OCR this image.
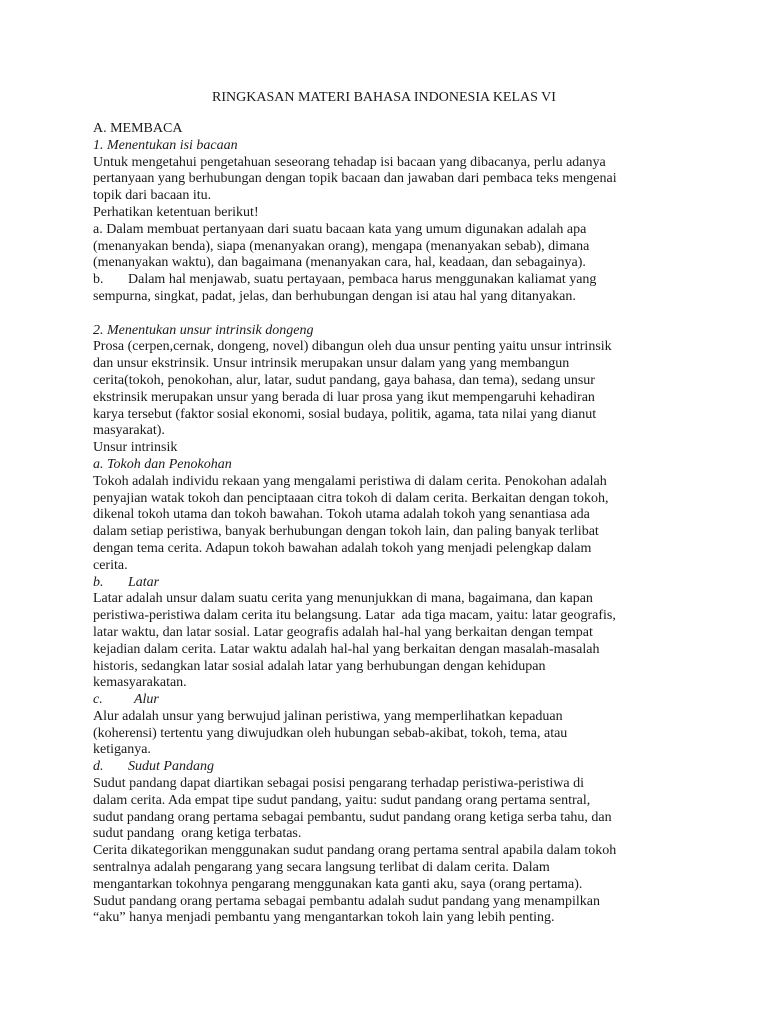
RINGKASAN MATERI BAHASA INDONESIA KELAS VI
A. MEMBACA
1. Menentukan isi bacaan
Untuk mengetahui pengetahuan seseorang tehadap isi bacaan yang dibacanya, perlu adanya
pertanyaan yang berhubungan dengan topik bacaan dan jawaban dari pembaca teks mengenai
topik dari bacaan itu.
Perhatikan ketentuan berikut!
a. Dalam membuat pertanyaan dari suatu bacaan kata yang umum digunakan adalah apa
(menanyakan benda), siapa (menanyakan orang), mengapa (menanyakan sebab), dimana
(menanyakan waktu), dan bagaimana (menanyakan cara, hal, keadaan, dan sebagainya).
b.       Dalam hal menjawab, suatu pertayaan, pembaca harus menggunakan kaliamat yang
sempurna, singkat, padat, jelas, dan berhubungan dengan isi atau hal yang ditanyakan.
2. Menentukan unsur intrinsik dongeng
Prosa (cerpen,cernak, dongeng, novel) dibangun oleh dua unsur penting yaitu unsur intrinsik
dan unsur ekstrinsik. Unsur intrinsik merupakan unsur dalam yang yang membangun
cerita(tokoh, penokohan, alur, latar, sudut pandang, gaya bahasa, dan tema), sedang unsur
ekstrinsik merupakan unsur yang berada di luar prosa yang ikut mempengaruhi kehadiran
karya tersebut (faktor sosial ekonomi, sosial budaya, politik, agama, tata nilai yang dianut
masyarakat).
Unsur intrinsik
a. Tokoh dan Penokohan
Tokoh adalah individu rekaan yang mengalami peristiwa di dalam cerita. Penokohan adalah
penyajian watak tokoh dan penciptaaan citra tokoh di dalam cerita. Berkaitan dengan tokoh,
dikenal tokoh utama dan tokoh bawahan. Tokoh utama adalah tokoh yang senantiasa ada
dalam setiap peristiwa, banyak berhubungan dengan tokoh lain, dan paling banyak terlibat
dengan tema cerita. Adapun tokoh bawahan adalah tokoh yang menjadi pelengkap dalam
cerita.
b.       Latar
Latar adalah unsur dalam suatu cerita yang menunjukkan di mana, bagaimana, dan kapan
peristiwa-peristiwa dalam cerita itu belangsung. Latar  ada tiga macam, yaitu: latar geografis,
latar waktu, dan latar sosial. Latar geografis adalah hal-hal yang berkaitan dengan tempat
kejadian dalam cerita. Latar waktu adalah hal-hal yang berkaitan dengan masalah-masalah
historis, sedangkan latar sosial adalah latar yang berhubungan dengan kehidupan
kemasyarakatan.
c.         Alur
Alur adalah unsur yang berwujud jalinan peristiwa, yang memperlihatkan kepaduan
(koherensi) tertentu yang diwujudkan oleh hubungan sebab-akibat, tokoh, tema, atau
ketiganya.
d.       Sudut Pandang
Sudut pandang dapat diartikan sebagai posisi pengarang terhadap peristiwa-peristiwa di
dalam cerita. Ada empat tipe sudut pandang, yaitu: sudut pandang orang pertama sentral,
sudut pandang orang pertama sebagai pembantu, sudut pandang orang ketiga serba tahu, dan
sudut pandang  orang ketiga terbatas.
Cerita dikategorikan menggunakan sudut pandang orang pertama sentral apabila dalam tokoh
sentralnya adalah pengarang yang secara langsung terlibat di dalam cerita. Dalam
mengantarkan tokohnya pengarang menggunakan kata ganti aku, saya (orang pertama).
Sudut pandang orang pertama sebagai pembantu adalah sudut pandang yang menampilkan
“aku” hanya menjadi pembantu yang mengantarkan tokoh lain yang lebih penting.
